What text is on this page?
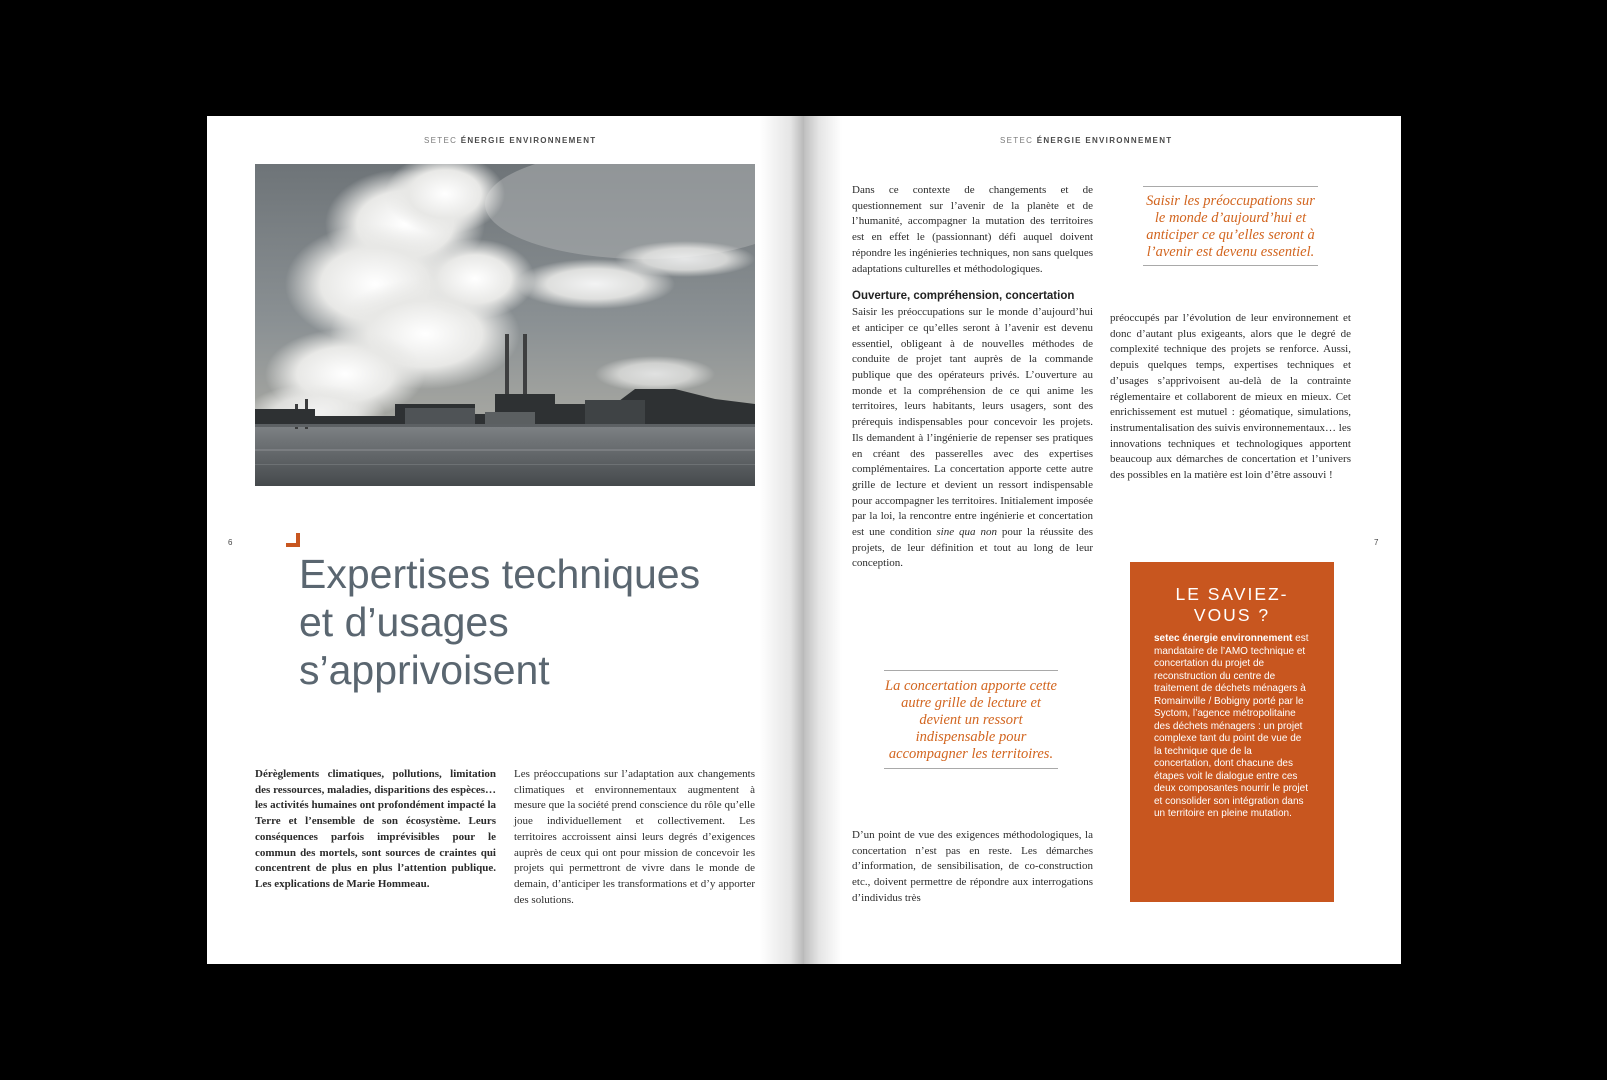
SETEC ÉNERGIE ENVIRONNEMENT
6
Expertises techniques
et d’usages
s’apprivoisent

Dérèglements climatiques, pollutions, limitation des ressources, maladies, disparitions des espèces… les activités humaines ont profondément impacté la Terre et l’ensemble de son écosystème. Leurs conséquences parfois imprévisibles pour le commun des mortels, sont sources de craintes qui concentrent de plus en plus l’attention publique. Les explications de Marie Hommeau.

Les préoccupations sur l’adaptation aux changements climatiques et environnementaux augmentent à mesure que la société prend conscience du rôle qu’elle joue individuellement et collectivement. Les territoires accroissent ainsi leurs degrés d’exigences auprès de ceux qui ont pour mission de concevoir les projets qui permettront de vivre dans le monde de demain, d’anticiper les transformations et d’y apporter des solutions.

SETEC ÉNERGIE ENVIRONNEMENT

Dans ce contexte de changements et de questionnement sur l’avenir de la planète et de l’humanité, accompagner la mutation des territoires est en effet le (passionnant) défi auquel doivent répondre les ingénieries techniques, non sans quelques adaptations culturelles et méthodologiques.

Ouverture, compréhension, concertation

Saisir les préoccupations sur le monde d’aujourd’hui et anticiper ce qu’elles seront à l’avenir est devenu essentiel, obligeant à de nouvelles méthodes de conduite de projet tant auprès de la commande publique que des opérateurs privés. L’ouverture au monde et la compréhension de ce qui anime les territoires, leurs habitants, leurs usagers, sont des prérequis indispensables pour concevoir les projets. Ils demandent à l’ingénierie de repenser ses pratiques en créant des passerelles avec des expertises complémentaires. La concertation apporte cette autre grille de lecture et devient un ressort indispensable pour accompagner les territoires. Initialement imposée par la loi, la rencontre entre ingénierie et concertation est une condition sine qua non pour la réussite des projets, de leur définition et tout au long de leur conception.

Saisir les préoccupations sur le monde d’aujourd’hui et anticiper ce qu’elles seront à l’avenir est devenu essentiel.

préoccupés par l’évolution de leur environnement et donc d’autant plus exigeants, alors que le degré de complexité technique des projets se renforce. Aussi, depuis quelques temps, expertises techniques et d’usages s’apprivoisent au-delà de la contrainte réglementaire et collaborent de mieux en mieux. Cet enrichissement est mutuel : géomatique, simulations, instrumentalisation des suivis environnementaux… les innovations techniques et technologiques apportent beaucoup aux démarches de concertation et l’univers des possibles en la matière est loin d’être assouvi !

7
LE SAVIEZ-
VOUS ?
setec énergie environnement est mandataire de l’AMO technique et concertation du projet de reconstruction du centre de traitement de déchets ménagers à Romainville / Bobigny porté par le Syctom, l’agence métropolitaine des déchets ménagers : un projet complexe tant du point de vue de la technique que de la concertation, dont chacune des étapes voit le dialogue entre ces deux composantes nourrir le projet et consolider son intégration dans un territoire en pleine mutation.

La concertation apporte cette autre grille de lecture et devient un ressort indispensable pour accompagner les territoires.

D’un point de vue des exigences méthodologiques, la concertation n’est pas en reste. Les démarches d’information, de sensibilisation, de co-construction etc., doivent permettre de répondre aux interrogations d’individus très
